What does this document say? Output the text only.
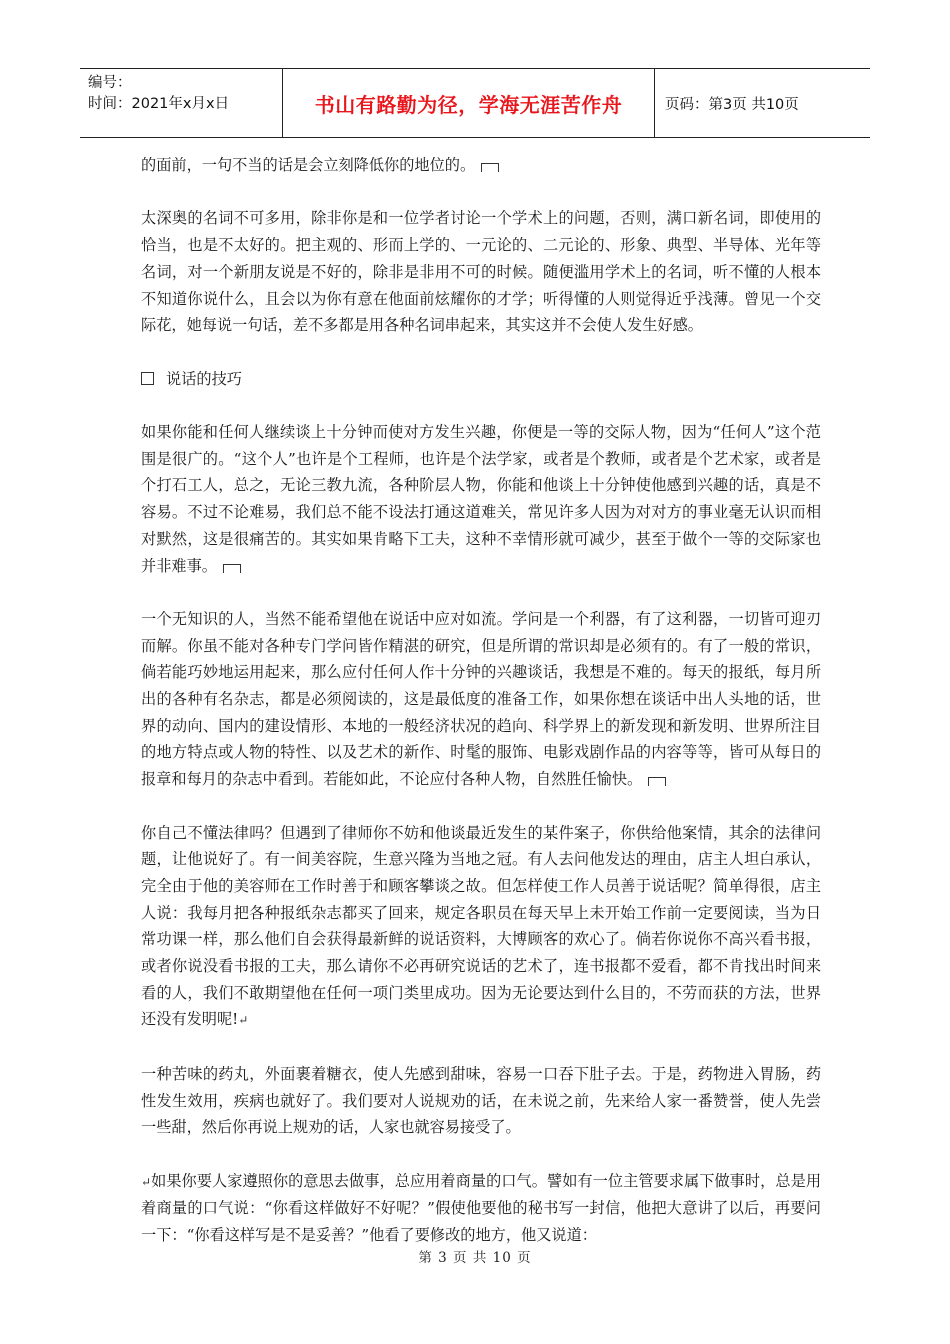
编号：
时间：2021年x月x日	书山有路勤为径，学海无涯苦作舟	页码：第3页 共10页

的面前，一句不当的话是会立刻降低你的地位的。

太深奥的名词不可多用，除非你是和一位学者讨论一个学术上的问题，否则，满口新名词，即使用的恰当，也是不太好的。把主观的、形而上学的、一元论的、二元论的、形象、典型、半导体、光年等名词，对一个新朋友说是不好的，除非是非用不可的时候。随便滥用学术上的名词，听不懂的人根本不知道你说什么，且会以为你有意在他面前炫耀你的才学；听得懂的人则觉得近乎浅薄。曾见一个交际花，她每说一句话，差不多都是用各种名词串起来，其实这并不会使人发生好感。

说话的技巧

如果你能和任何人继续谈上十分钟而使对方发生兴趣，你便是一等的交际人物，因为“任何人”这个范围是很广的。“这个人”也许是个工程师，也许是个法学家，或者是个教师，或者是个艺术家，或者是个打石工人，总之，无论三教九流，各种阶层人物，你能和他谈上十分钟使他感到兴趣的话，真是不容易。不过不论难易，我们总不能不设法打通这道难关，常见许多人因为对对方的事业毫无认识而相对默然，这是很痛苦的。其实如果肯略下工夫，这种不幸情形就可减少，甚至于做个一等的交际家也并非难事。

一个无知识的人，当然不能希望他在说话中应对如流。学问是一个利器，有了这利器，一切皆可迎刃而解。你虽不能对各种专门学问皆作精湛的研究，但是所谓的常识却是必须有的。有了一般的常识，倘若能巧妙地运用起来，那么应付任何人作十分钟的兴趣谈话，我想是不难的。每天的报纸，每月所出的各种有名杂志，都是必须阅读的，这是最低度的准备工作，如果你想在谈话中出人头地的话，世界的动向、国内的建设情形、本地的一般经济状况的趋向、科学界上的新发现和新发明、世界所注目的地方特点或人物的特性、以及艺术的新作、时髦的服饰、电影戏剧作品的内容等等，皆可从每日的报章和每月的杂志中看到。若能如此，不论应付各种人物，自然胜任愉快。

你自己不懂法律吗？但遇到了律师你不妨和他谈最近发生的某件案子，你供给他案情，其余的法律问题，让他说好了。有一间美容院，生意兴隆为当地之冠。有人去问他发达的理由，店主人坦白承认，完全由于他的美容师在工作时善于和顾客攀谈之故。但怎样使工作人员善于说话呢？简单得很，店主人说：我每月把各种报纸杂志都买了回来，规定各职员在每天早上未开始工作前一定要阅读，当为日常功课一样，那么他们自会获得最新鲜的说话资料，大博顾客的欢心了。倘若你说你不高兴看书报，或者你说没看书报的工夫，那么请你不必再研究说话的艺术了，连书报都不爱看，都不肯找出时间来看的人，我们不敢期望他在任何一项门类里成功。因为无论要达到什么目的，不劳而获的方法，世界还没有发明呢!↵

一种苦味的药丸，外面裹着糖衣，使人先感到甜味，容易一口吞下肚子去。于是，药物进入胃肠，药性发生效用，疾病也就好了。我们要对人说规劝的话，在未说之前，先来给人家一番赞誉，使人先尝一些甜，然后你再说上规劝的话，人家也就容易接受了。

↵如果你要人家遵照你的意思去做事，总应用着商量的口气。譬如有一位主管要求属下做事时，总是用着商量的口气说：“你看这样做好不好呢？”假使他要他的秘书写一封信，他把大意讲了以后，再要问一下：“你看这样写是不是妥善？”他看了要修改的地方，他又说道：

第 3 页 共 10 页
